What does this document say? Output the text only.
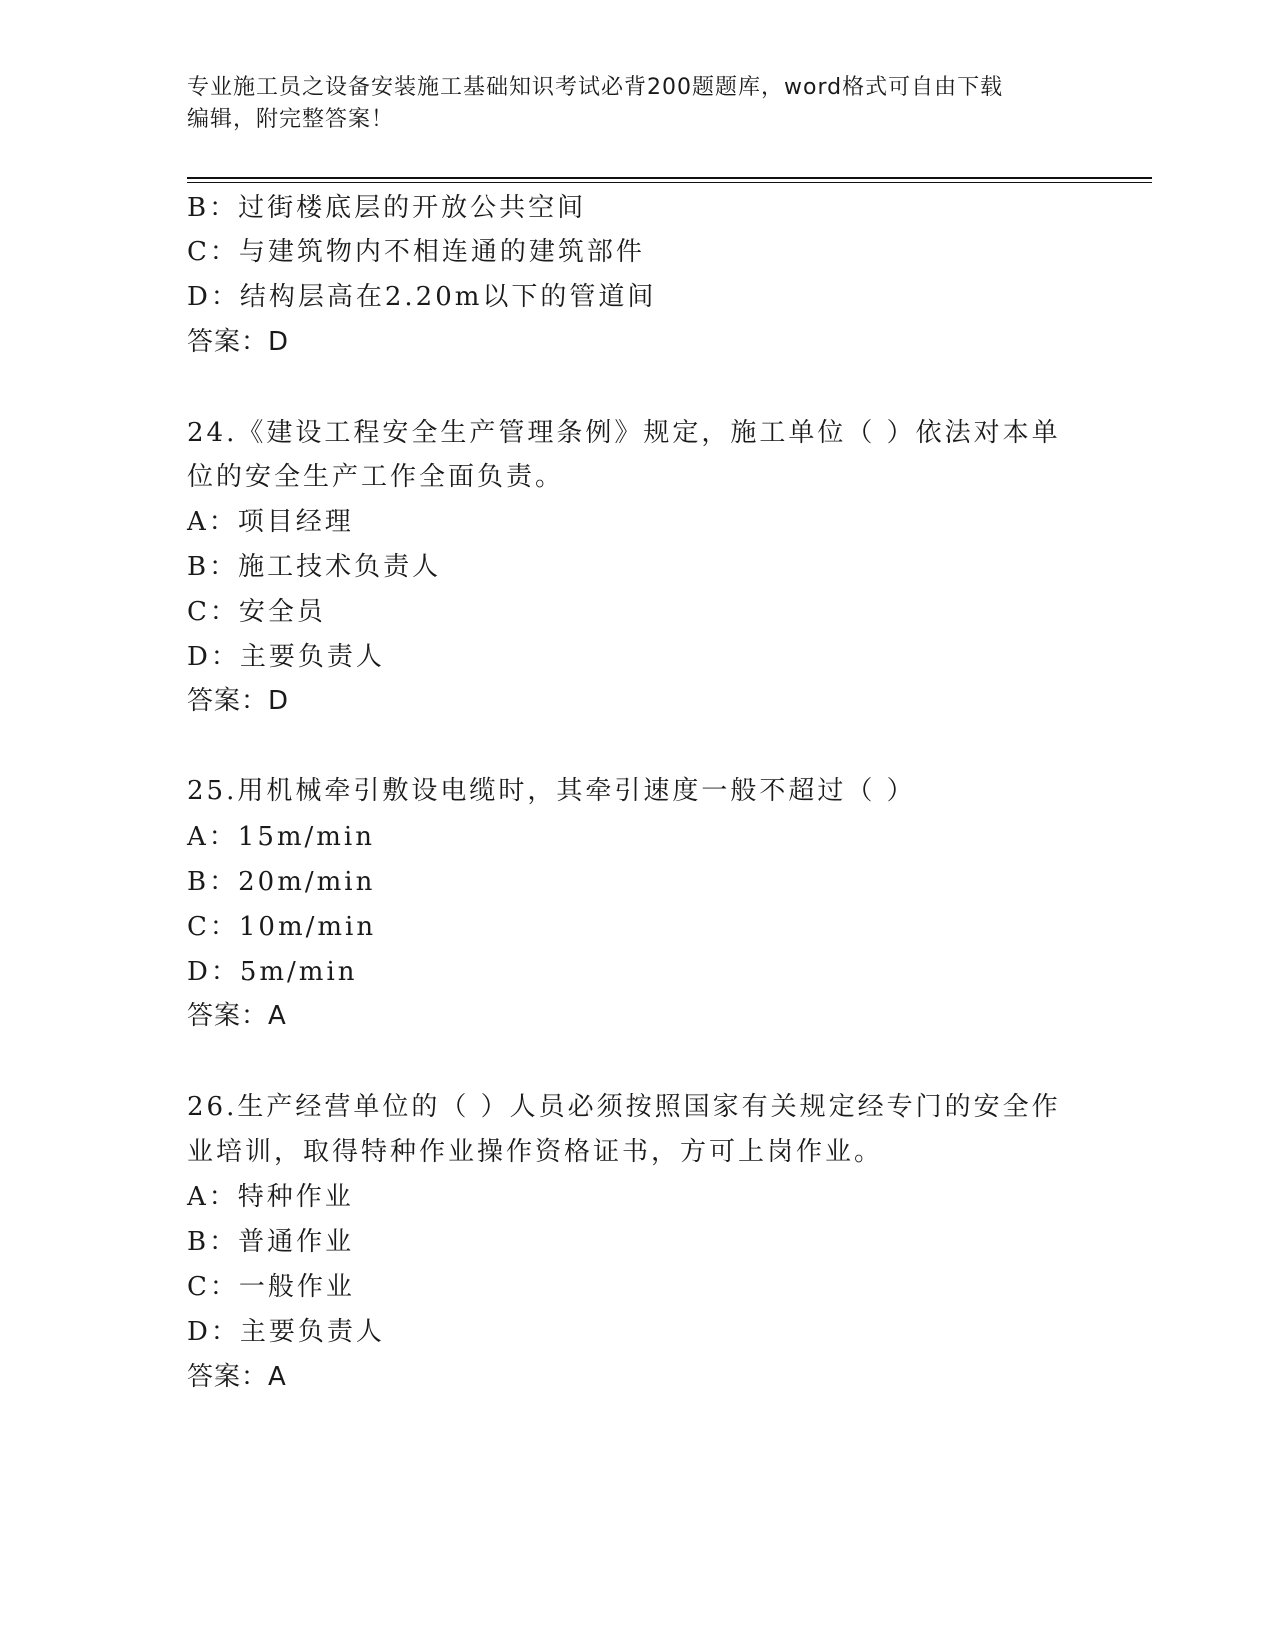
专业施工员之设备安装施工基础知识考试必背200题题库，word格式可自由下载
编辑，附完整答案！
B：过街楼底层的开放公共空间
C：与建筑物内不相连通的建筑部件
D：结构层高在2.20m以下的管道间
答案：D
24.《建设工程安全生产管理条例》规定，施工单位（ ）依法对本单
位的安全生产工作全面负责。
A：项目经理
B：施工技术负责人
C：安全员
D：主要负责人
答案：D
25.用机械牵引敷设电缆时，其牵引速度一般不超过（ ）
A：15m/min
B：20m/min
C：10m/min
D：5m/min
答案：A
26.生产经营单位的（ ）人员必须按照国家有关规定经专门的安全作
业培训，取得特种作业操作资格证书，方可上岗作业。
A：特种作业
B：普通作业
C：一般作业
D：主要负责人
答案：A
